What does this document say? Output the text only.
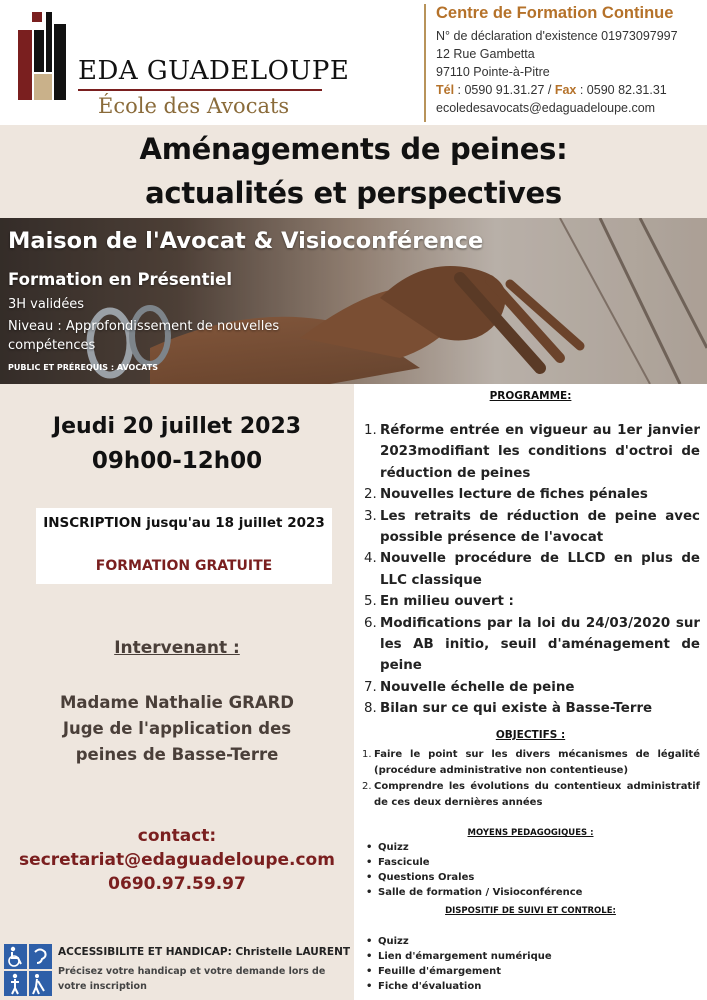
EDA GUADELOUPE
École des Avocats
Centre de Formation Continue
N° de déclaration d'existence 01973097997
12 Rue Gambetta
97110 Pointe-à-Pitre
Tél : 0590 91.31.27 / Fax : 0590 82.31.31
ecoledesavocats@edaguadeloupe.com
Aménagements de peines:
actualités et perspectives
Maison de l'Avocat & Visioconférence
Formation en Présentiel
3H validées
Niveau : Approfondissement de nouvelles compétences
PUBLIC ET PRÉREQUIS : AVOCATS
Jeudi 20 juillet 2023
09h00-12h00
INSCRIPTION jusqu'au 18 juillet 2023
FORMATION GRATUITE
Intervenant :
Madame Nathalie GRARD
Juge de l'application des
peines de Basse-Terre
contact:
secretariat@edaguadeloupe.com
0690.97.59.97
ACCESSIBILITE ET HANDICAP: Christelle LAURENT
Précisez votre handicap et votre demande lors de votre inscription
PROGRAMME:
1. Réforme entrée en vigueur au 1er janvier 2023modifiant les conditions d'octroi de réduction de peines
2. Nouvelles lecture de fiches pénales
3. Les retraits de réduction de peine avec possible présence de l'avocat
4. Nouvelle procédure de LLCD en plus de LLC classique
5. En milieu ouvert :
6. Modifications par la loi du 24/03/2020 sur les AB initio, seuil d'aménagement de peine
7. Nouvelle échelle de peine
8. Bilan sur ce qui existe à Basse-Terre
OBJECTIFS :
1. Faire le point sur les divers mécanismes de légalité (procédure administrative non contentieuse)
2. Comprendre les évolutions du contentieux administratif de ces deux dernières années
MOYENS PEDAGOGIQUES :
• Quizz
• Fascicule
• Questions Orales
• Salle de formation / Visioconférence
DISPOSITIF DE SUIVI ET CONTROLE:
• Quizz
• Lien d'émargement numérique
• Feuille d'émargement
• Fiche d'évaluation
